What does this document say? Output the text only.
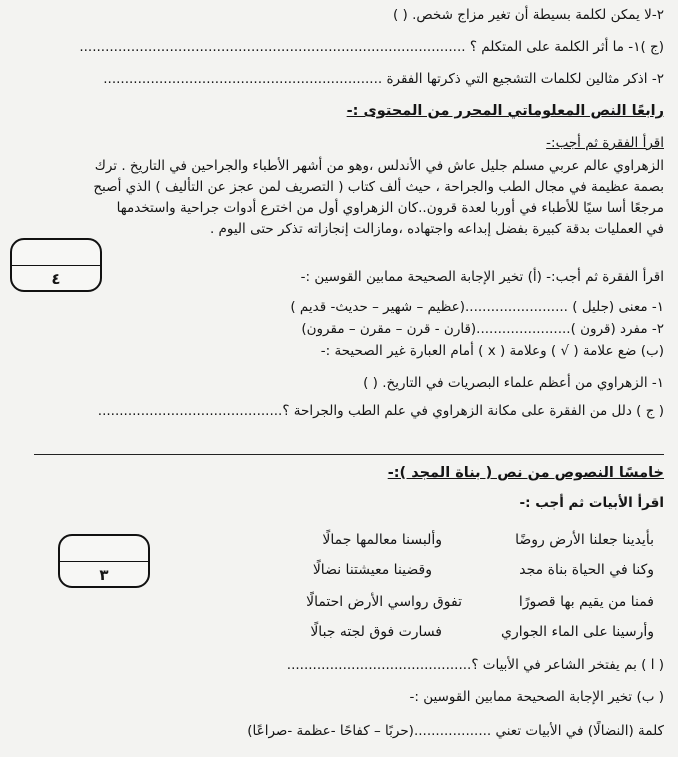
٢-لا يمكن لكلمة بسيطة أن تغير مزاج شخص. ( )
(ج )١- ما أثر الكلمة على المتكلم ؟ ..........................................................................................
٢- اذكر مثالين لكلمات التشجيع التي ذكرتها الفقرة .................................................................
رابعًا النص المعلوماتي المحرر من المحتوى :-
اقرأ الفقرة ثم أجب:-

الزهراوي عالم عربي مسلم جليل عاش في الأندلس ،وهو من أشهر الأطباء والجراحين في التاريخ . ترك

بصمة عظيمة في مجال الطب والجراحة ، حيث ألف كتاب ( التصريف لمن عجز عن التأليف ) الذي أصبح

مرجعًا أسا سيًا للأطباء في أوربا لعدة قرون..كان الزهراوي أول من اخترع أدوات جراحية واستخدمها

في العمليات بدقة كبيرة بفضل إبداعه واجتهاده ،ومازالت إنجازاته تذكر حتى اليوم .

٤	اقرأ الفقرة ثم أجب:- (أ) تخير الإجابة الصحيحة ممابين القوسين :-
١- معنى (جليل ) ........................(عظيم – شهير – حديث- قديم )
٢- مفرد (قرون )......................(قارن - قرن – مقرن – مقرون)
(ب) ضع علامة ( √ ) وعلامة ( x ) أمام العبارة غير الصحيحة :-
١- الزهراوي من أعظم علماء البصريات في التاريخ. ( )
( ج ) دلل من الفقرة على مكانة الزهراوي في علم الطب والجراحة ؟...........................................
خامسًا النصوص من نص ( بناة المجد ):-
اقرأ الأبيات ثم أجب :-
٣
بأيدينا جعلنا الأرض روضًا
وألبسنا معالمها جمالًا
وكنا في الحياة بناة مجد
وقضينا معيشتنا نضالًا
فمنا من يقيم بها قصورًا
تفوق رواسي الأرض احتمالًا
وأرسينا على الماء الجواري
فسارت فوق لجته جبالًا
( ا ) بم يفتخر الشاعر في الأبيات ؟...........................................
( ب) تخير الإجابة الصحيحة ممابين القوسين :-
كلمة (النضالًا) في الأبيات تعني ..................(حربًا – كفاحًا -عظمة -صراعًا)
